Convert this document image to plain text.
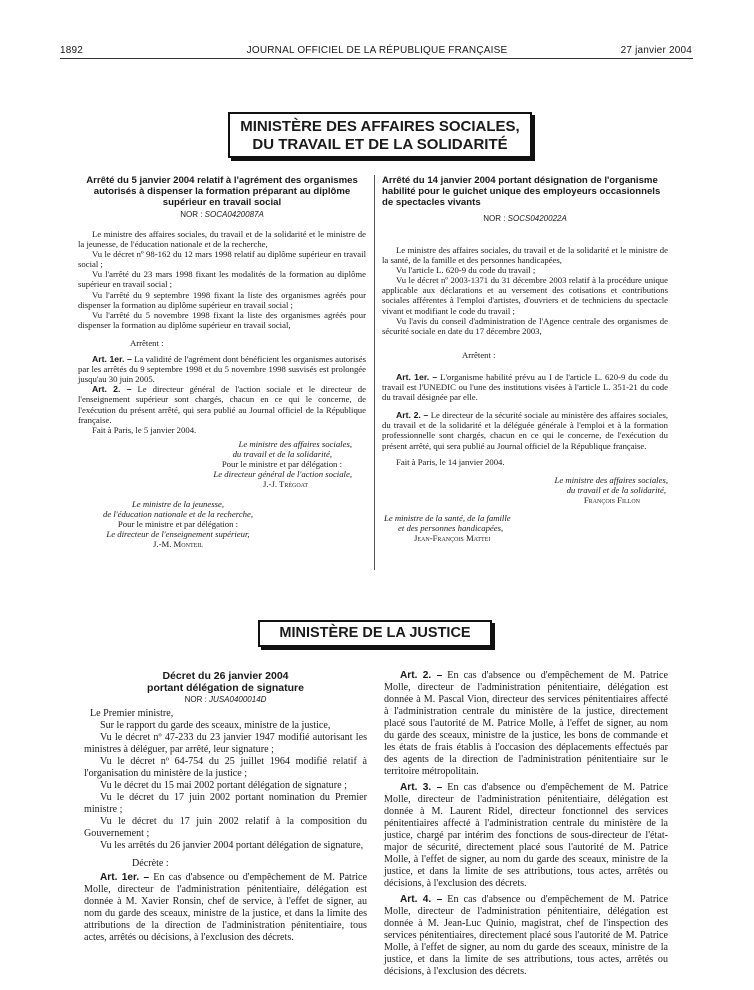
1892	JOURNAL OFFICIEL DE LA RÉPUBLIQUE FRANÇAISE	27 janvier 2004
MINISTÈRE DES AFFAIRES SOCIALES,
DU TRAVAIL ET DE LA SOLIDARITÉ
Arrêté du 5 janvier 2004 relatif à l'agrément des organismes autorisés à dispenser la formation préparant au diplôme supérieur en travail social
NOR : SOCA0420087A

Le ministre des affaires sociales, du travail et de la solidarité et le ministre de la jeunesse, de l'éducation nationale et de la recherche,

Vu le décret nº 98-162 du 12 mars 1998 relatif au diplôme supérieur en travail social ;

Vu l'arrêté du 23 mars 1998 fixant les modalités de la formation au diplôme supérieur en travail social ;

Vu l'arrêté du 9 septembre 1998 fixant la liste des organismes agréés pour dispenser la formation au diplôme supérieur en travail social ;

Vu l'arrêté du 5 novembre 1998 fixant la liste des organismes agréés pour dispenser la formation au diplôme supérieur en travail social,

Arrêtent :

Art. 1er. – La validité de l'agrément dont bénéficient les organismes autorisés par les arrêtés du 9 septembre 1998 et du 5 novembre 1998 susvisés est prolongée jusqu'au 30 juin 2005.

Art. 2. – Le directeur général de l'action sociale et le directeur de l'enseignement supérieur sont chargés, chacun en ce qui le concerne, de l'exécution du présent arrêté, qui sera publié au Journal officiel de la République française.

Fait à Paris, le 5 janvier 2004.

Le ministre des affaires sociales,
du travail et de la solidarité,
Pour le ministre et par délégation :
Le directeur général de l'action sociale,
J.-J. Trégoat
Le ministre de la jeunesse,
de l'éducation nationale et de la recherche,
Pour le ministre et par délégation :
Le directeur de l'enseignement supérieur,
J.-M. Monteil
Arrêté du 14 janvier 2004 portant désignation de l'organisme habilité pour le guichet unique des employeurs occasionnels de spectacles vivants
NOR : SOCS0420022A

Le ministre des affaires sociales, du travail et de la solidarité et le ministre de la santé, de la famille et des personnes handicapées,

Vu l'article L. 620-9 du code du travail ;

Vu le décret nº 2003-1371 du 31 décembre 2003 relatif à la procédure unique applicable aux déclarations et au versement des cotisations et contributions sociales afférentes à l'emploi d'artistes, d'ouvriers et de techniciens du spectacle vivant et modifiant le code du travail ;

Vu l'avis du conseil d'administration de l'Agence centrale des organismes de sécurité sociale en date du 17 décembre 2003,

Arrêtent :

Art. 1er. – L'organisme habilité prévu au I de l'article L. 620-9 du code du travail est l'UNEDIC ou l'une des institutions visées à l'article L. 351-21 du code du travail désignée par elle.

Art. 2. – Le directeur de la sécurité sociale au ministère des affaires sociales, du travail et de la solidarité et la déléguée générale à l'emploi et à la formation professionnelle sont chargés, chacun en ce qui le concerne, de l'exécution du présent arrêté, qui sera publié au Journal officiel de la République française.

Fait à Paris, le 14 janvier 2004.

Le ministre des affaires sociales,
du travail et de la solidarité,
François Fillon
Le ministre de la santé, de la famille
et des personnes handicapées,
Jean-François Mattei
MINISTÈRE DE LA JUSTICE
Décret du 26 janvier 2004
portant délégation de signature
NOR : JUSA0400014D

Le Premier ministre,

Sur le rapport du garde des sceaux, ministre de la justice,

Vu le décret nº 47-233 du 23 janvier 1947 modifié autorisant les ministres à déléguer, par arrêté, leur signature ;

Vu le décret nº 64-754 du 25 juillet 1964 modifié relatif à l'organisation du ministère de la justice ;

Vu le décret du 15 mai 2002 portant délégation de signature ;

Vu le décret du 17 juin 2002 portant nomination du Premier ministre ;

Vu le décret du 17 juin 2002 relatif à la composition du Gouvernement ;

Vu les arrêtés du 26 janvier 2004 portant délégation de signature,

Décrète :

Art. 1er. – En cas d'absence ou d'empêchement de M. Patrice Molle, directeur de l'administration pénitentiaire, délégation est donnée à M. Xavier Ronsin, chef de service, à l'effet de signer, au nom du garde des sceaux, ministre de la justice, et dans la limite des attributions de la direction de l'administration pénitentiaire, tous actes, arrêtés ou décisions, à l'exclusion des décrets.

Art. 2. – En cas d'absence ou d'empêchement de M. Patrice Molle, directeur de l'administration pénitentiaire, délégation est donnée à M. Pascal Vion, directeur des services pénitentiaires affecté à l'administration centrale du ministère de la justice, directement placé sous l'autorité de M. Patrice Molle, à l'effet de signer, au nom du garde des sceaux, ministre de la justice, les bons de commande et les états de frais établis à l'occasion des déplacements effectués par des agents de la direction de l'administration pénitentiaire sur le territoire métropolitain.

Art. 3. – En cas d'absence ou d'empêchement de M. Patrice Molle, directeur de l'administration pénitentiaire, délégation est donnée à M. Laurent Ridel, directeur fonctionnel des services pénitentiaires affecté à l'administration centrale du ministère de la justice, chargé par intérim des fonctions de sous-directeur de l'état-major de sécurité, directement placé sous l'autorité de M. Patrice Molle, à l'effet de signer, au nom du garde des sceaux, ministre de la justice, et dans la limite de ses attributions, tous actes, arrêtés ou décisions, à l'exclusion des décrets.

Art. 4. – En cas d'absence ou d'empêchement de M. Patrice Molle, directeur de l'administration pénitentiaire, délégation est donnée à M. Jean-Luc Quinio, magistrat, chef de l'inspection des services pénitentiaires, directement placé sous l'autorité de M. Patrice Molle, à l'effet de signer, au nom du garde des sceaux, ministre de la justice, et dans la limite de ses attributions, tous actes, arrêtés ou décisions, à l'exclusion des décrets.
